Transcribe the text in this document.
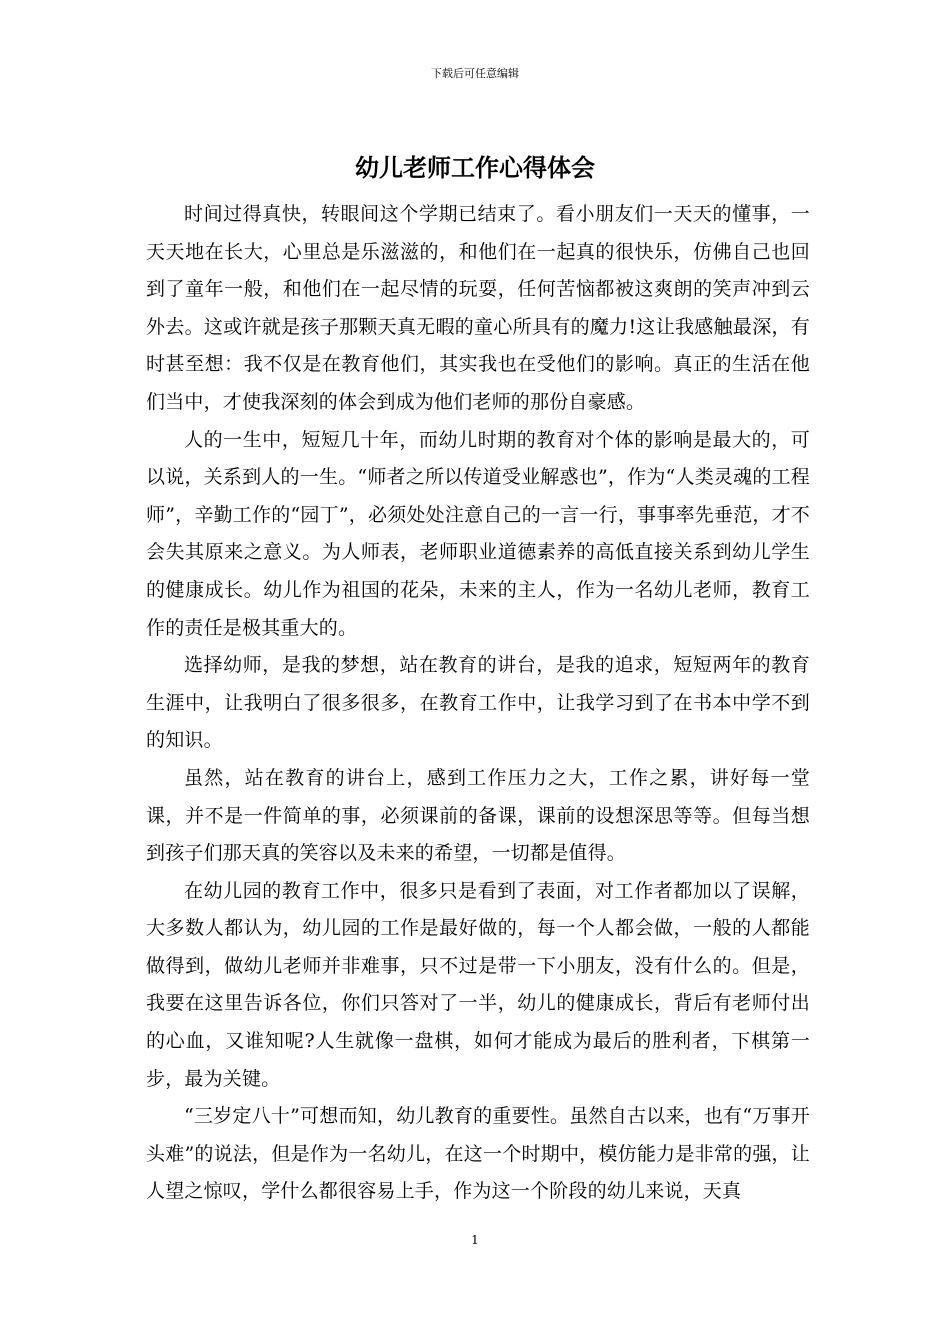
下载后可任意编辑
幼儿老师工作心得体会

时间过得真快，转眼间这个学期已结束了。看小朋友们一天天的懂事，一天天地在长大，心里总是乐滋滋的，和他们在一起真的很快乐，仿佛自己也回到了童年一般，和他们在一起尽情的玩耍，任何苦恼都被这爽朗的笑声冲到云外去。这或许就是孩子那颗天真无暇的童心所具有的魔力!这让我感触最深，有时甚至想：我不仅是在教育他们，其实我也在受他们的影响。真正的生活在他们当中，才使我深刻的体会到成为他们老师的那份自豪感。

人的一生中，短短几十年，而幼儿时期的教育对个体的影响是最大的，可以说，关系到人的一生。“师者之所以传道受业解惑也”，作为“人类灵魂的工程师”，辛勤工作的“园丁”，必须处处注意自己的一言一行，事事率先垂范，才不会失其原来之意义。为人师表，老师职业道德素养的高低直接关系到幼儿学生的健康成长。幼儿作为祖国的花朵，未来的主人，作为一名幼儿老师，教育工作的责任是极其重大的。

选择幼师，是我的梦想，站在教育的讲台，是我的追求，短短两年的教育生涯中，让我明白了很多很多，在教育工作中，让我学习到了在书本中学不到的知识。

虽然，站在教育的讲台上，感到工作压力之大，工作之累，讲好每一堂课，并不是一件简单的事，必须课前的备课，课前的设想深思等等。但每当想到孩子们那天真的笑容以及未来的希望，一切都是值得。

在幼儿园的教育工作中，很多只是看到了表面，对工作者都加以了误解，大多数人都认为，幼儿园的工作是最好做的，每一个人都会做，一般的人都能做得到，做幼儿老师并非难事，只不过是带一下小朋友，没有什么的。但是，我要在这里告诉各位，你们只答对了一半，幼儿的健康成长，背后有老师付出的心血，又谁知呢?人生就像一盘棋，如何才能成为最后的胜利者，下棋第一步，最为关键。

“三岁定八十”可想而知，幼儿教育的重要性。虽然自古以来，也有“万事开头难”的说法，但是作为一名幼儿，在这一个时期中，模仿能力是非常的强，让人望之惊叹，学什么都很容易上手，作为这一个阶段的幼儿来说，天真

1
